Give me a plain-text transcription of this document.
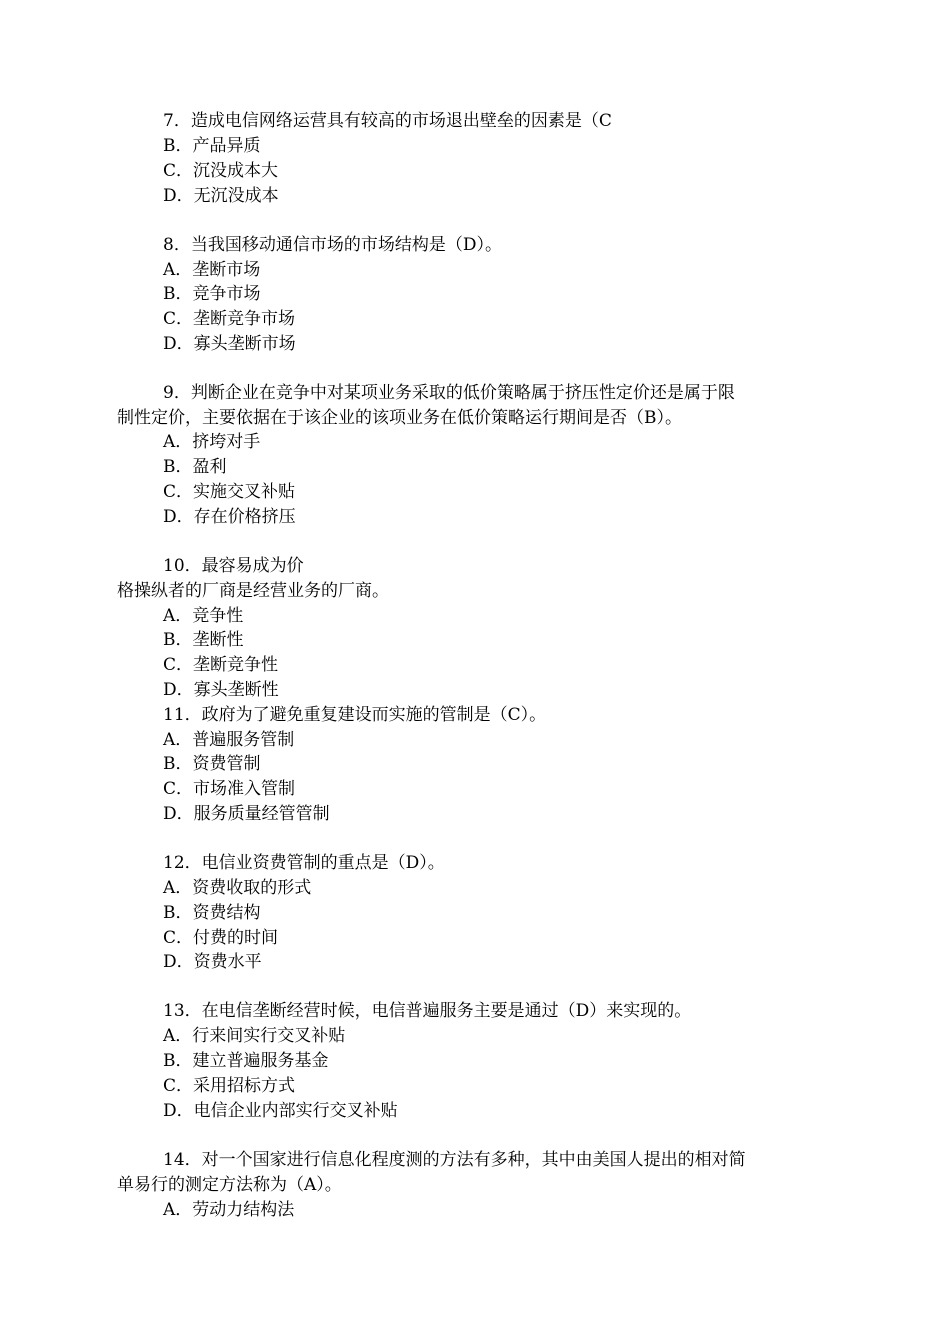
7．造成电信网络运营具有较高的市场退出壁垒的因素是（C

B．产品异质

C．沉没成本大

D．无沉没成本

8．当我国移动通信市场的市场结构是（D）。

A．垄断市场

B．竞争市场

C．垄断竞争市场

D．寡头垄断市场

9．判断企业在竞争中对某项业务采取的低价策略属于挤压性定价还是属于限

制性定价，主要依据在于该企业的该项业务在低价策略运行期间是否（B）。

A．挤垮对手

B．盈利

C．实施交叉补贴

D．存在价格挤压

10．最容易成为价

格操纵者的厂商是经营业务的厂商。

A．竞争性

B．垄断性

C．垄断竞争性

D．寡头垄断性

11．政府为了避免重复建设而实施的管制是（C）。

A．普遍服务管制

B．资费管制

C．市场准入管制

D．服务质量经管管制

12．电信业资费管制的重点是（D）。

A．资费收取的形式

B．资费结构

C．付费的时间

D．资费水平

13．在电信垄断经营时候，电信普遍服务主要是通过（D）来实现的。

A．行来间实行交叉补贴

B．建立普遍服务基金

C．采用招标方式

D．电信企业内部实行交叉补贴

14．对一个国家进行信息化程度测的方法有多种，其中由美国人提出的相对简

单易行的测定方法称为（A）。

A．劳动力结构法
